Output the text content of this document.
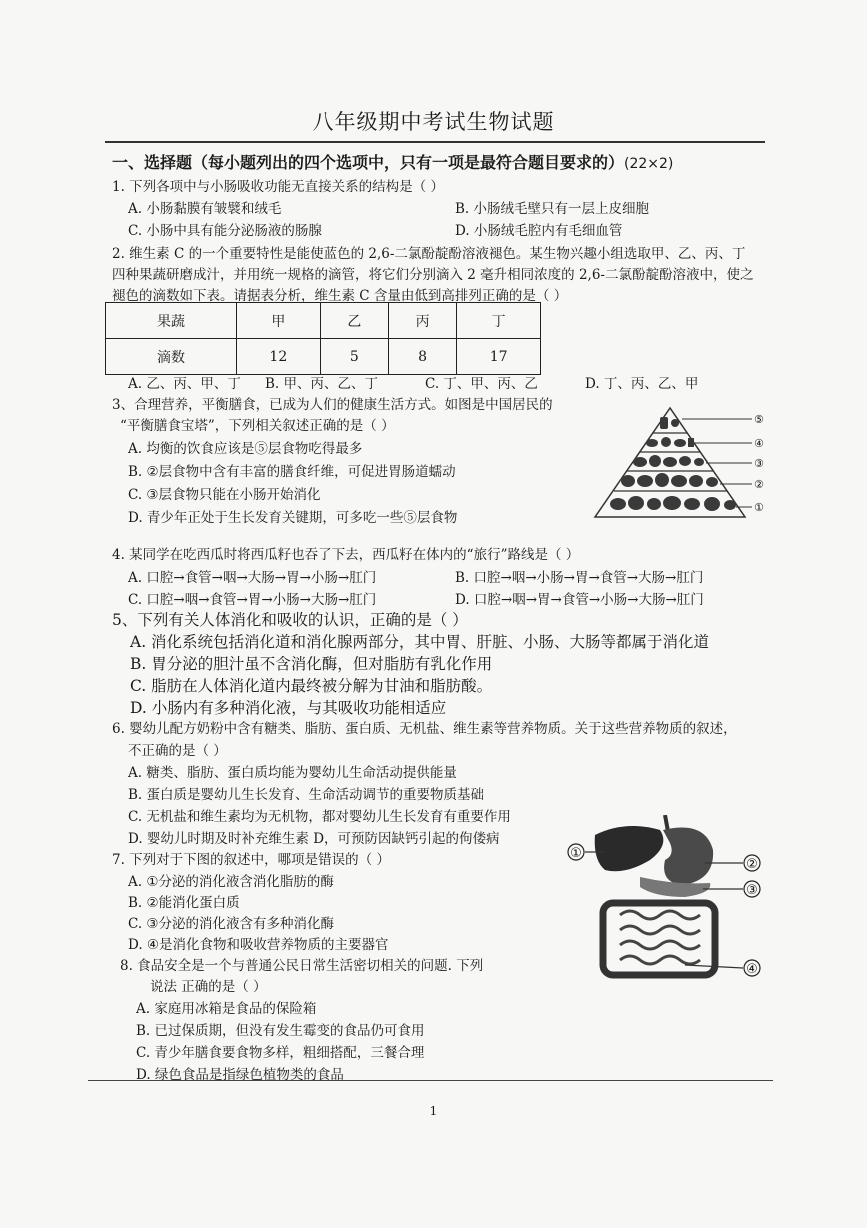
八年级期中考试生物试题
一、选择题（每小题列出的四个选项中，只有一项是最符合题目要求的）(22×2)
1. 下列各项中与小肠吸收功能无直接关系的结构是（ ）
A. 小肠黏膜有皱襞和绒毛	B. 小肠绒毛壁只有一层上皮细胞
C. 小肠中具有能分泌肠液的肠腺	D. 小肠绒毛腔内有毛细血管
2. 维生素 C 的一个重要特性是能使蓝色的 2,6-二氯酚靛酚溶液褪色。某生物兴趣小组选取甲、乙、丙、丁
四种果蔬研磨成汁，并用统一规格的滴管，将它们分别滴入 2 毫升相同浓度的 2,6-二氯酚靛酚溶液中，使之
褪色的滴数如下表。请据表分析，维生素 C 含量由低到高排列正确的是（ ）
果蔬	甲	乙	丙	丁
滴数	12	5	8	17
A. 乙、丙、甲、丁 B. 甲、丙、乙、丁	C. 丁、甲、丙、乙	D. 丁、丙、乙、甲
3、合理营养，平衡膳食，已成为人们的健康生活方式。如图是中国居民的
“平衡膳食宝塔”，下列相关叙述正确的是（ ）
A. 均衡的饮食应该是⑤层食物吃得最多
B. ②层食物中含有丰富的膳食纤维，可促进胃肠道蠕动
C. ③层食物只能在小肠开始消化
D. 青少年正处于生长发育关键期，可多吃一些⑤层食物
⑤
④
③
②
①
4. 某同学在吃西瓜时将西瓜籽也吞了下去，西瓜籽在体内的“旅行”路线是（ ）
A. 口腔→食管→咽→大肠→胃→小肠→肛门	B. 口腔→咽→小肠→胃→食管→大肠→肛门
C. 口腔→咽→食管→胃→小肠→大肠→肛门	D. 口腔→咽→胃→食管→小肠→大肠→肛门
5、下列有关人体消化和吸收的认识，正确的是（ ）
A. 消化系统包括消化道和消化腺两部分，其中胃、肝脏、小肠、大肠等都属于消化道
B. 胃分泌的胆汁虽不含消化酶，但对脂肪有乳化作用
C. 脂肪在人体消化道内最终被分解为甘油和脂肪酸。
D. 小肠内有多种消化液，与其吸收功能相适应
6. 婴幼儿配方奶粉中含有糖类、脂肪、蛋白质、无机盐、维生素等营养物质。关于这些营养物质的叙述，
不正确的是（ ）
A. 糖类、脂肪、蛋白质均能为婴幼儿生命活动提供能量
B. 蛋白质是婴幼儿生长发育、生命活动调节的重要物质基础
C. 无机盐和维生素均为无机物，都对婴幼儿生长发育有重要作用
D. 婴幼儿时期及时补充维生素 D，可预防因缺钙引起的佝偻病
7. 下列对于下图的叙述中，哪项是错误的（ ）
A. ①分泌的消化液含消化脂肪的酶
B. ②能消化蛋白质
C. ③分泌的消化液含有多种消化酶
D. ④是消化食物和吸收营养物质的主要器官
①
②
③
④
8. 食品安全是一个与普通公民日常生活密切相关的问题. 下列
说法 正确的是（ ）
A. 家庭用冰箱是食品的保险箱
B. 已过保质期，但没有发生霉变的食品仍可食用
C. 青少年膳食要食物多样，粗细搭配，三餐合理
D. 绿色食品是指绿色植物类的食品
1
